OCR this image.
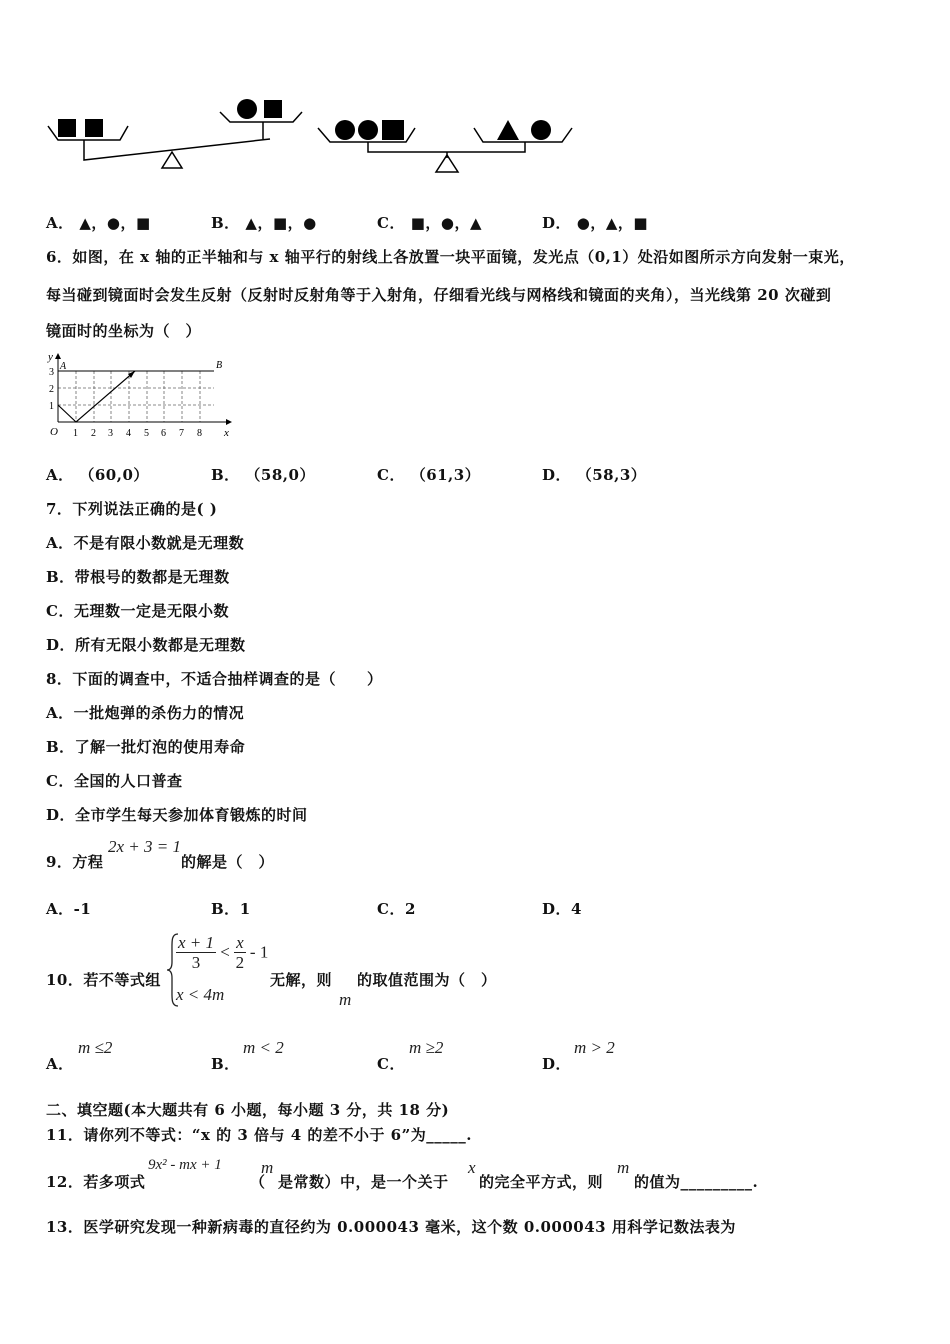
A． ▲，●，■	B． ▲，■，●	C． ■，●，▲	D． ●，▲，■
6．如图，在 x 轴的正半轴和与 x 轴平行的射线上各放置一块平面镜，发光点（0,1）处沿如图所示方向发射一束光，
每当碰到镜面时会发生反射（反射时反射角等于入射角，仔细看光线与网格线和镜面的夹角），当光线第 20 次碰到
镜面时的坐标为（　）
y
A	B
3
2
1
O 1 2 3 4 5 6 7 8 x
A． （60,0）	B． （58,0）	C． （61,3）	D． （58,3）
7．下列说法正确的是( )
A．不是有限小数就是无理数
B．带根号的数都是无理数
C．无理数一定是无限小数
D．所有无限小数都是无理数
8．下面的调查中，不适合抽样调查的是（　　）
A．一批炮弹的杀伤力的情况
B．了解一批灯泡的使用寿命
C．全国的人口普查
D．全市学生每天参加体育锻炼的时间
9．方程
2x + 3 = 1
的解是（　）
A．-1	B．1	C．2	D．4
10．若不等式组
$\frac{x + 1}{3} < \frac{x}{2} - 1$
x < 4m
无解，则
m
的取值范围为（　）
A．
m ≤2
B．
m < 2
C．
m ≥2
D．
m > 2
二、填空题(本大题共有 6 小题，每小题 3 分，共 18 分)
11．请你列不等式：“x 的 3 倍与 4 的差不小于 6”为_____.
12．若多项式
9x² - mx + 1
（
m
是常数）中，是一个关于
x
的完全平方式，则
m
的值为_________.
13．医学研究发现一种新病毒的直径约为 0.000043 毫米，这个数 0.000043 用科学记数法表为
